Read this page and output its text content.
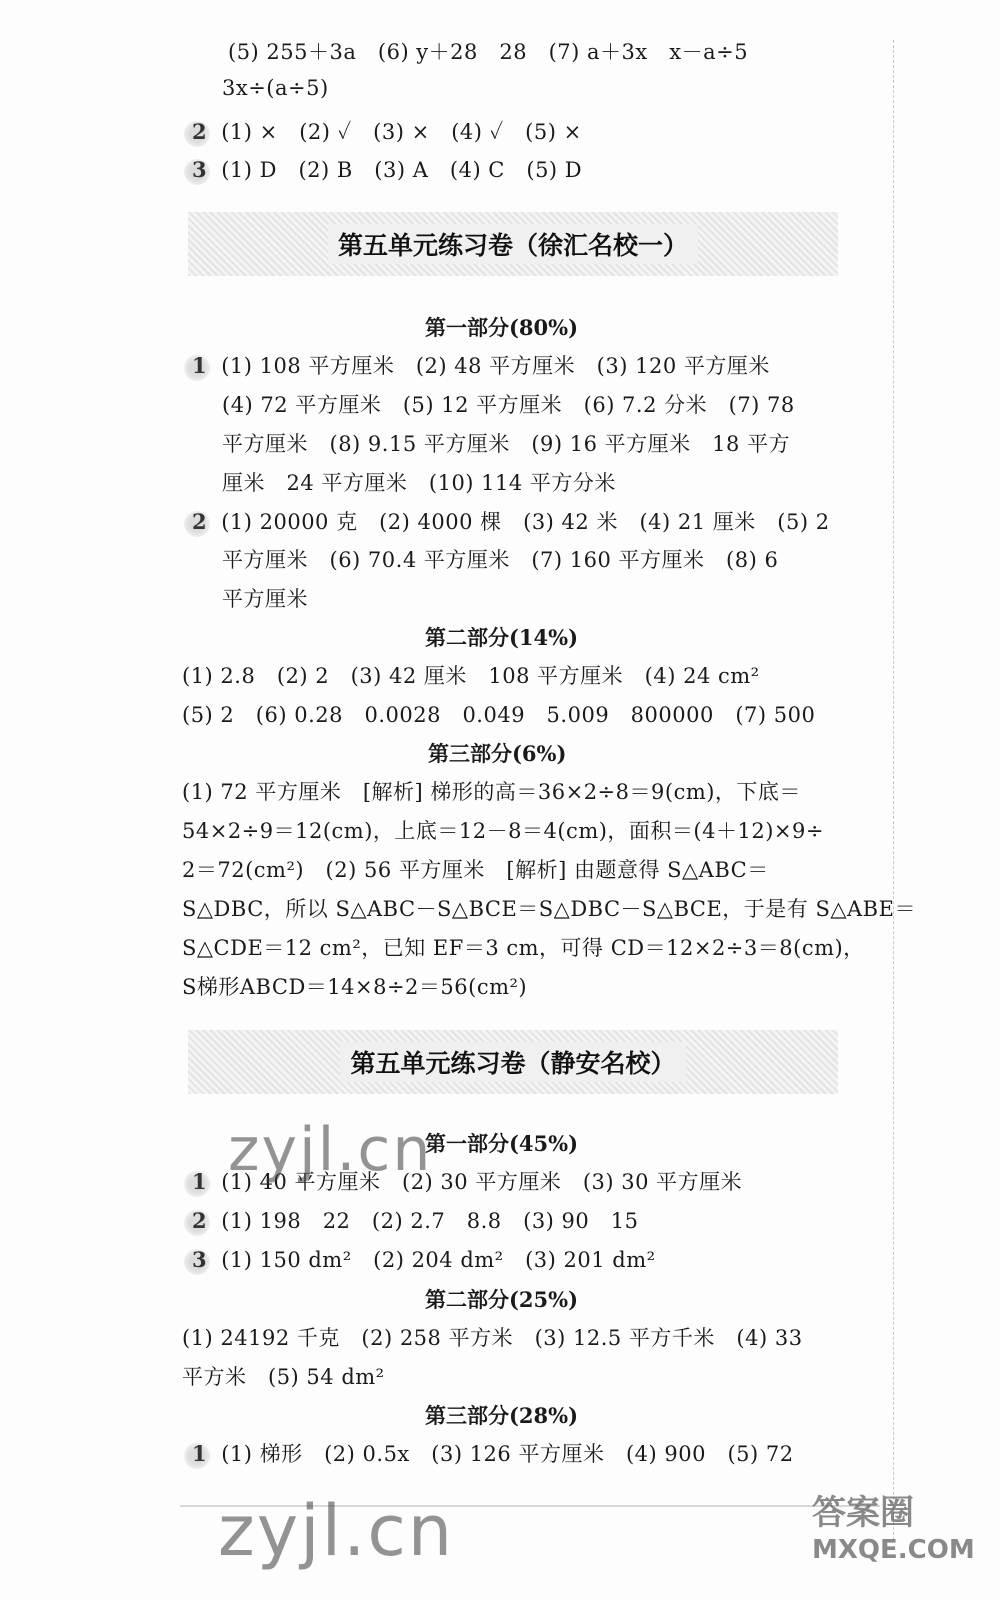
(5) 255＋3a　(6) y＋28　28　(7) a＋3x　x－a÷5
3x÷(a÷5)
2 (1) ×　(2) ✓　(3) ×　(4) ✓　(5) ×
3 (1) D　(2) B　(3) A　(4) C　(5) D
第五单元练习卷（徐汇名校一）
第一部分(80%)
1 (1) 108 平方厘米　(2) 48 平方厘米　(3) 120 平方厘米
(4) 72 平方厘米　(5) 12 平方厘米　(6) 7.2 分米　(7) 78
平方厘米　(8) 9.15 平方厘米　(9) 16 平方厘米　18 平方
厘米　24 平方厘米　(10) 114 平方分米
2 (1) 20000 克　(2) 4000 棵　(3) 42 米　(4) 21 厘米　(5) 2
平方厘米　(6) 70.4 平方厘米　(7) 160 平方厘米　(8) 6
平方厘米
第二部分(14%)
(1) 2.8　(2) 2　(3) 42 厘米　108 平方厘米　(4) 24 cm²
(5) 2　(6) 0.28　0.0028　0.049　5.009　800000　(7) 500
第三部分(6%)
(1) 72 平方厘米　[解析] 梯形的高＝36×2÷8＝9(cm)，下底＝
54×2÷9＝12(cm)，上底＝12－8＝4(cm)，面积＝(4＋12)×9÷
2＝72(cm²)　(2) 56 平方厘米　[解析] 由题意得 S△ABC＝
S△DBC，所以 S△ABC－S△BCE＝S△DBC－S△BCE，于是有 S△ABE＝
S△CDE＝12 cm²，已知 EF＝3 cm，可得 CD＝12×2÷3＝8(cm)，
S梯形ABCD＝14×8÷2＝56(cm²)
第五单元练习卷（静安名校）
第一部分(45%)
1 (1) 40 平方厘米　(2) 30 平方厘米　(3) 30 平方厘米
2 (1) 198　22　(2) 2.7　8.8　(3) 90　15
3 (1) 150 dm²　(2) 204 dm²　(3) 201 dm²
第二部分(25%)
(1) 24192 千克　(2) 258 平方米　(3) 12.5 平方千米　(4) 33
平方米　(5) 54 dm²
第三部分(28%)
1 (1) 梯形　(2) 0.5x　(3) 126 平方厘米　(4) 900　(5) 72
zyjl.cn
zyjl.cn	答案圈
MXQE.COM
